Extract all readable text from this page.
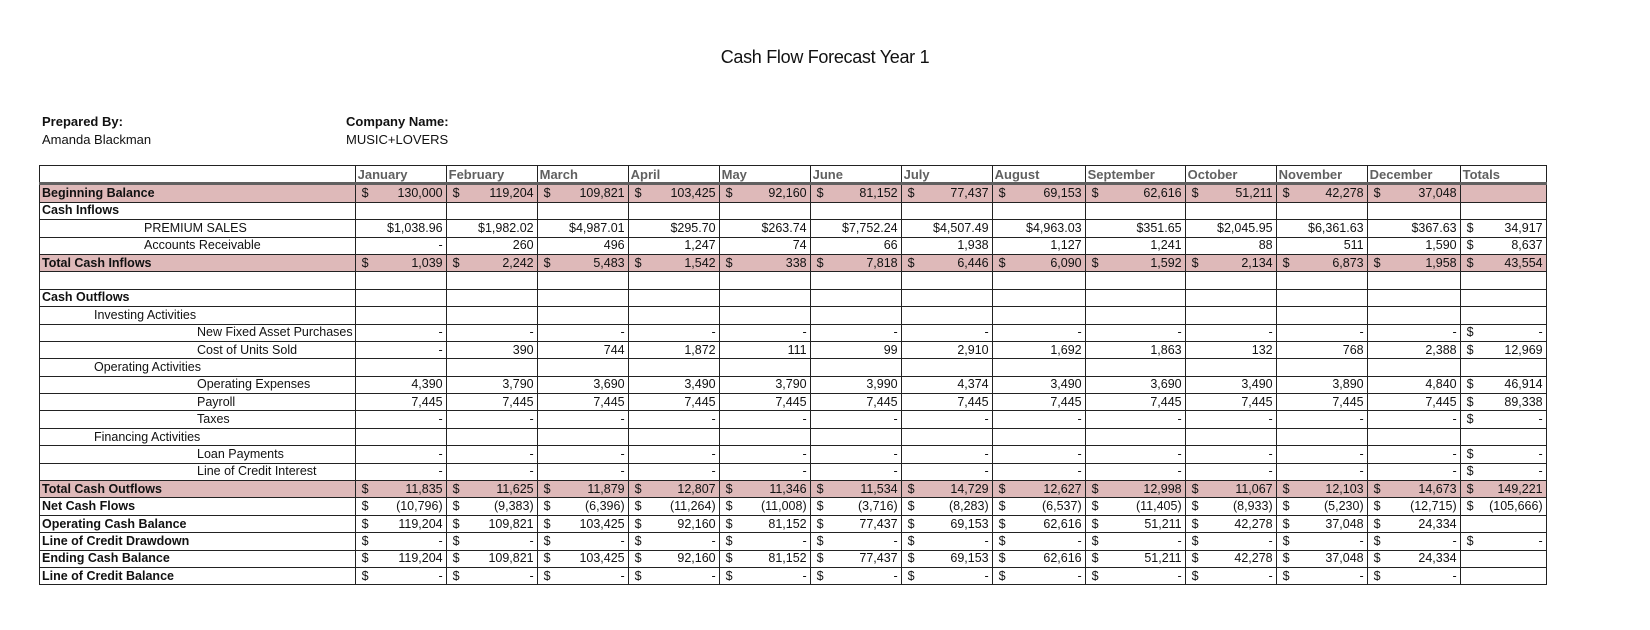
Cash Flow Forecast Year 1
Prepared By:
Amanda Blackman
Company Name:
MUSIC+LOVERS
	January	February	March	April	May	June	July	August	September	October	November	December	Totals
Beginning Balance	$ 130,000	$ 119,204	$ 109,821	$ 103,425	$ 92,160	$ 81,152	$ 77,437	$ 69,153	$ 62,616	$ 51,211	$ 42,278	$ 37,048	

Cash Inflows													
PREMIUM SALES	$1,038.96	$1,982.02	$4,987.01	$295.70	$263.74	$7,752.24	$4,507.49	$4,963.03	$351.65	$2,045.95	$6,361.63	$367.63	$ 34,917

Accounts Receivable	-	260	496	1,247	74	66	1,938	1,127	1,241	88	511	1,590	$ 8,637

Total Cash Inflows	$ 1,039	$ 2,242	$ 5,483	$ 1,542	$ 338	$ 7,818	$ 6,446	$ 6,090	$ 1,592	$ 2,134	$ 6,873	$ 1,958	$ 43,554

Cash Outflows													
Investing Activities													
New Fixed Asset Purchases	-	-	-	-	-	-	-	-	-	-	-	-	$ -

Cost of Units Sold	-	390	744	1,872	111	99	2,910	1,692	1,863	132	768	2,388	$ 12,969

Operating Activities													
Operating Expenses	4,390	3,790	3,690	3,490	3,790	3,990	4,374	3,490	3,690	3,490	3,890	4,840	$ 46,914

Payroll	7,445	7,445	7,445	7,445	7,445	7,445	7,445	7,445	7,445	7,445	7,445	7,445	$ 89,338

Taxes	-	-	-	-	-	-	-	-	-	-	-	-	$ -

Financing Activities													
Loan Payments	-	-	-	-	-	-	-	-	-	-	-	-	$ -

Line of Credit Interest	-	-	-	-	-	-	-	-	-	-	-	-	$ -

Total Cash Outflows	$ 11,835	$ 11,625	$ 11,879	$ 12,807	$ 11,346	$ 11,534	$ 14,729	$ 12,627	$ 12,998	$ 11,067	$ 12,103	$ 14,673	$ 149,221

Net Cash Flows	$ (10,796)	$ (9,383)	$ (6,396)	$ (11,264)	$ (11,008)	$ (3,716)	$ (8,283)	$ (6,537)	$ (11,405)	$ (8,933)	$ (5,230)	$ (12,715)	$ (105,666)

Operating Cash Balance	$ 119,204	$ 109,821	$ 103,425	$ 92,160	$ 81,152	$ 77,437	$ 69,153	$ 62,616	$ 51,211	$ 42,278	$ 37,048	$ 24,334	

Line of Credit Drawdown	$ -	$ -	$ -	$ -	$ -	$ -	$ -	$ -	$ -	$ -	$ -	$ -	$ -

Ending Cash Balance	$ 119,204	$ 109,821	$ 103,425	$ 92,160	$ 81,152	$ 77,437	$ 69,153	$ 62,616	$ 51,211	$ 42,278	$ 37,048	$ 24,334	

Line of Credit Balance	$ -	$ -	$ -	$ -	$ -	$ -	$ -	$ -	$ -	$ -	$ -	$ -	
